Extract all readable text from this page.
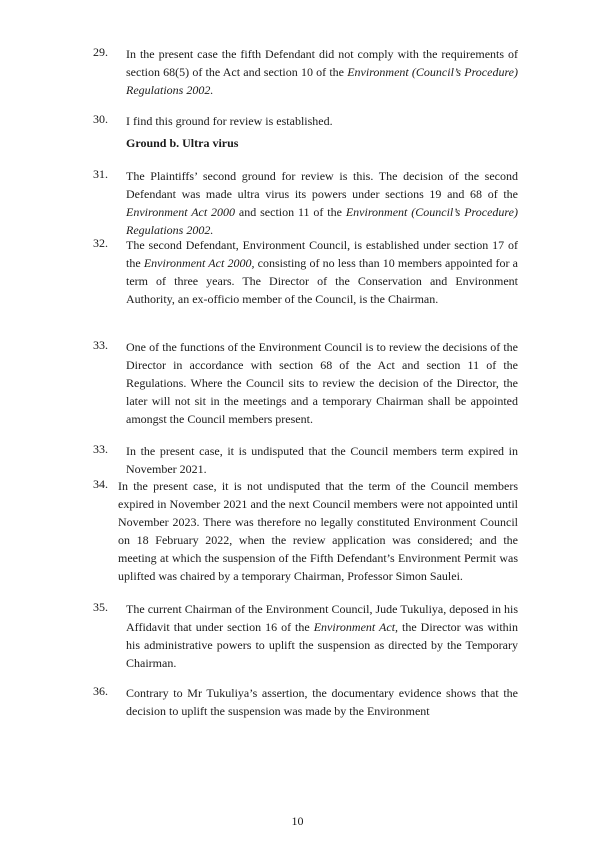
29. In the present case the fifth Defendant did not comply with the requirements of section 68(5) of the Act and section 10 of the Environment (Council’s Procedure) Regulations 2002.
30. I find this ground for review is established.
Ground b. Ultra virus
31. The Plaintiffs’ second ground for review is this. The decision of the second Defendant was made ultra virus its powers under sections 19 and 68 of the Environment Act 2000 and section 11 of the Environment (Council’s Procedure) Regulations 2002.
32. The second Defendant, Environment Council, is established under section 17 of the Environment Act 2000, consisting of no less than 10 members appointed for a term of three years. The Director of the Conservation and Environment Authority, an ex-officio member of the Council, is the Chairman.
33. One of the functions of the Environment Council is to review the decisions of the Director in accordance with section 68 of the Act and section 11 of the Regulations. Where the Council sits to review the decision of the Director, the later will not sit in the meetings and a temporary Chairman shall be appointed amongst the Council members present.
33. In the present case, it is undisputed that the Council members term expired in November 2021.
34. In the present case, it is not undisputed that the term of the Council members expired in November 2021 and the next Council members were not appointed until November 2023. There was therefore no legally constituted Environment Council on 18 February 2022, when the review application was considered; and the meeting at which the suspension of the Fifth Defendant’s Environment Permit was uplifted was chaired by a temporary Chairman, Professor Simon Saulei.
35. The current Chairman of the Environment Council, Jude Tukuliya, deposed in his Affidavit that under section 16 of the Environment Act, the Director was within his administrative powers to uplift the suspension as directed by the Temporary Chairman.
36. Contrary to Mr Tukuliya’s assertion, the documentary evidence shows that the decision to uplift the suspension was made by the Environment
10
